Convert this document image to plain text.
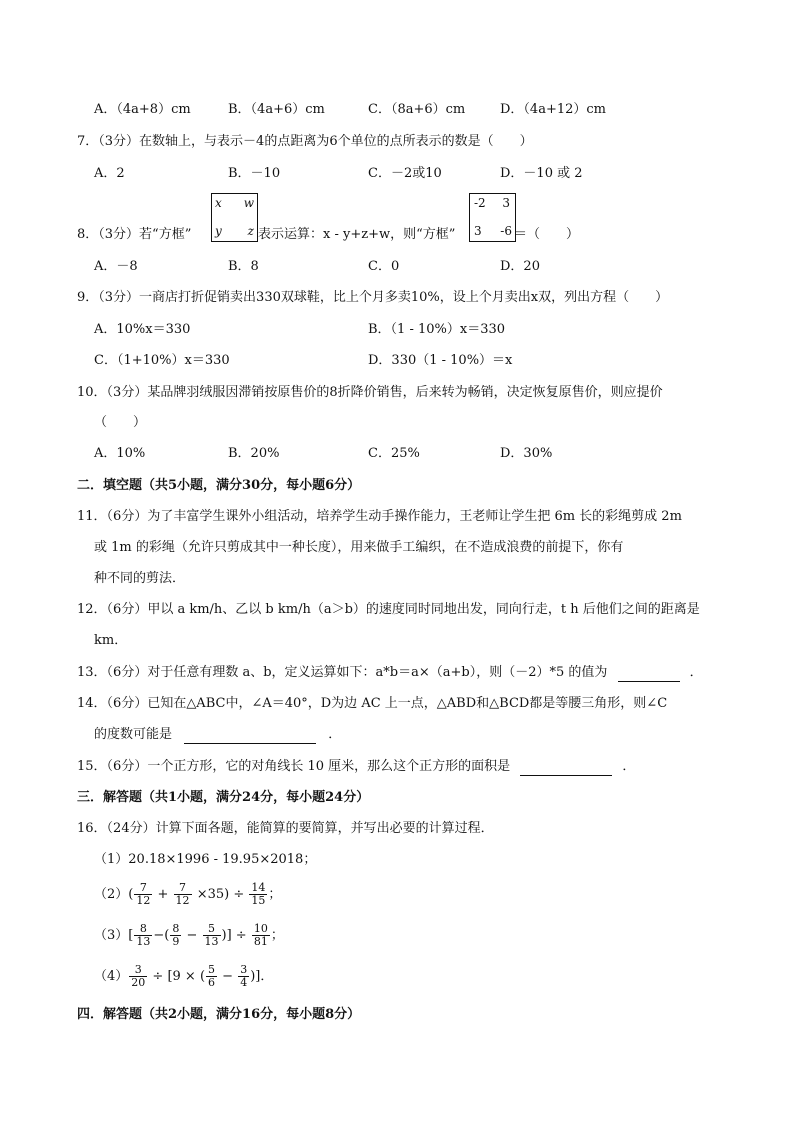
A．（4a+8）cm	B．（4a+6）cm	C．（8a+6）cm	D．（4a+12）cm
7．（3分）在数轴上，与表示－4的点距离为6个单位的点所表示的数是（　　）
A．2	B．－10	C．－2或10	D．－10 或 2
8．（3分）若“方框”
x w
y z 表示运算：x - y+z+w，则“方框”
-2 3
3 -6 ＝（　　）
A．－8	B．8	C．0	D．20
9．（3分）一商店打折促销卖出330双球鞋，比上个月多卖10%，设上个月卖出x双，列出方程（　　）
A．10%x＝330	B．（1 - 10%）x＝330
C．（1+10%）x＝330	D．330（1 - 10%）＝x
10．（3分）某品牌羽绒服因滞销按原售价的8折降价销售，后来转为畅销，决定恢复原售价，则应提价
（　　）
A．10%	B．20%	C．25%	D．30%
二．填空题（共5小题，满分30分，每小题6分）
11．（6分）为了丰富学生课外小组活动，培养学生动手操作能力，王老师让学生把 6m 长的彩绳剪成 2m
或 1m 的彩绳（允许只剪成其中一种长度），用来做手工编织，在不造成浪费的前提下，你有
种不同的剪法．
12．（6分）甲以 a km/h、乙以 b km/h（a＞b）的速度同时同地出发，同向行走，t h 后他们之间的距离是
km．
13．（6分）对于任意有理数 a、b，定义运算如下：a*b＝a×（a+b），则（－2）*5 的值为	．
14．（6分）已知在△ABC中，∠A＝40°，D为边 AC 上一点，△ABD和△BCD都是等腰三角形，则∠C
的度数可能是	．
15．（6分）一个正方形，它的对角线长 10 厘米，那么这个正方形的面积是	．
三．解答题（共1小题，满分24分，每小题24分）
16．（24分）计算下面各题，能简算的要简算，并写出必要的计算过程．
（1）20.18×1996 - 19.95×2018；
$(2)( \frac{7}{12} + \frac{7}{12} \times 35) \div \frac{14}{15}$ ；
$(3)[ \frac{8}{13}$ −( $\frac{8}{9} - \frac{5}{13}$ )] ÷ $\frac{10}{81}$ ；
$(4) \frac{3}{20} \div [9$ × ( $\frac{5}{6} - \frac{3}{4}$ )]．
四．解答题（共2小题，满分16分，每小题8分）
